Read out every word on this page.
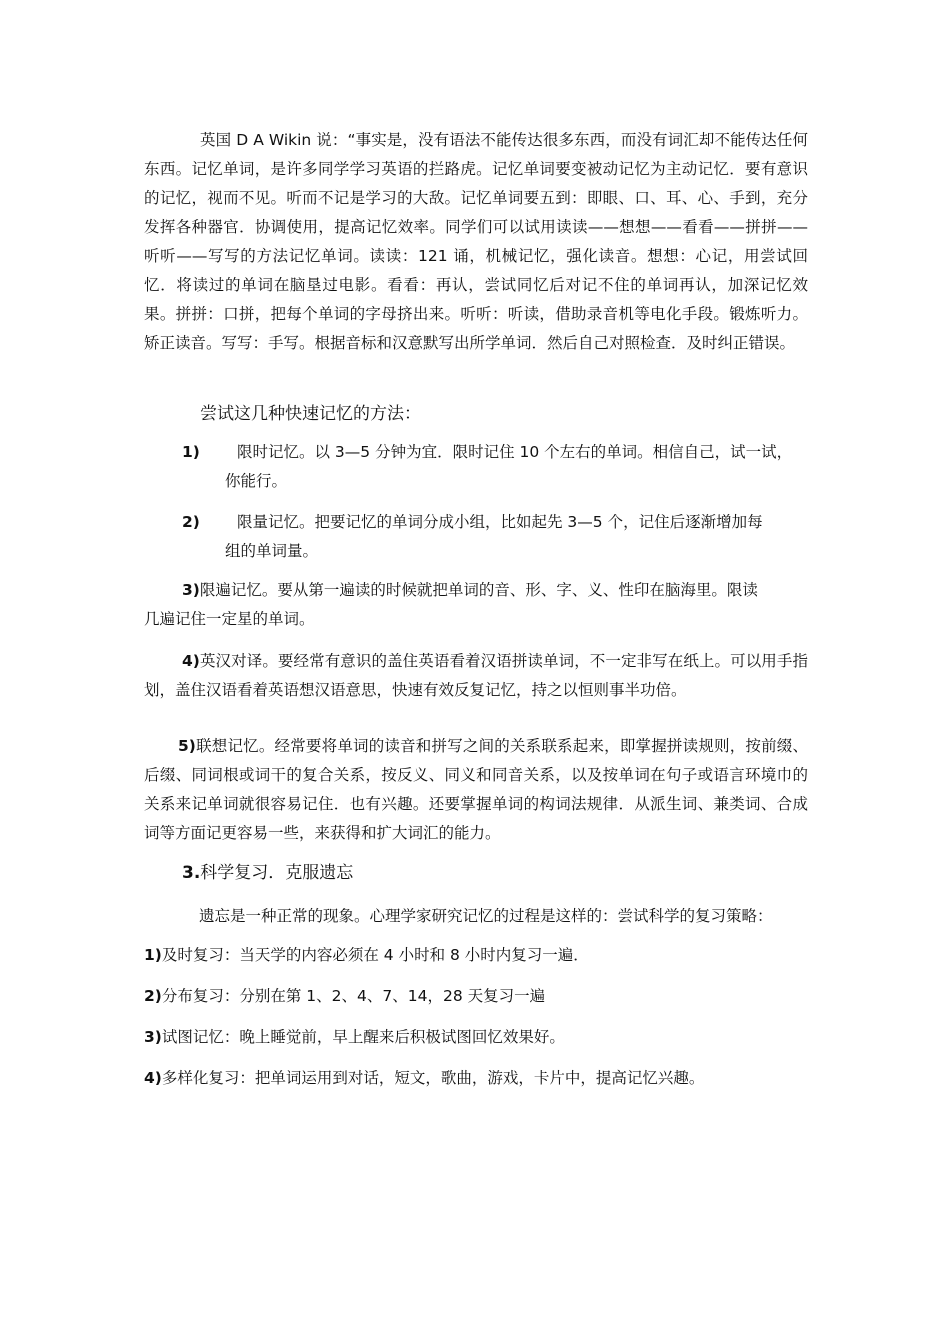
英国 D A Wikin 说：“事实是，没有语法不能传达很多东西，而没有词汇却不能传达任何东西。记忆单词，是许多同学学习英语的拦路虎。记忆单词要变被动记忆为主动记忆．要有意识的记忆，视而不见。听而不记是学习的大敌。记忆单词要五到：即眼、口、耳、心、手到，充分发挥各种器官．协调使用，提高记忆效率。同学们可以试用读读——想想——看看——拼拼——听听——写写的方法记忆单词。读读：121 诵，机械记忆，强化读音。想想：心记，用尝试回忆．将读过的单词在脑垦过电影。看看：再认，尝试同忆后对记不住的单词再认，加深记忆效果。拼拼：口拼，把每个单词的字母挤出来。听听：听读，借助录音机等电化手段。锻炼听力。矫正读音。写写：手写。根据音标和汉意默写出所学单词．然后自己对照检查．及时纠正错误。

尝试这几种快速记忆的方法：

1) 限时记忆。以 3—5 分钟为宜．限时记住 10 个左右的单词。相信自己，试一试，
你能行。
2) 限量记忆。把要记忆的单词分成小组，比如起先 3—5 个，记住后逐渐增加每
组的单词量。
3)限遍记忆。要从第一遍读的时候就把单词的音、形、字、义、性印在脑海里。限读
几遍记住一定星的单词。

4)英汉对译。要经常有意识的盖住英语看着汉语拼读单词，不一定非写在纸上。可以用手指划，盖住汉语看着英语想汉语意思，快速有效反复记忆，持之以恒则事半功倍。

5)联想记忆。经常要将单词的读音和拼写之间的关系联系起来，即掌握拼读规则，按前缀、后缀、同词根或词干的复合关系，按反义、同义和同音关系，以及按单词在句子或语言环境巾的关系来记单词就很容易记住．也有兴趣。还要掌握单词的构词法规律．从派生词、兼类词、合成词等方面记更容易一些，来获得和扩大词汇的能力。

3.科学复习．克服遗忘

遗忘是一种正常的现象。心理学家研究记忆的过程是这样的：尝试科学的复习策略：

1)及时复习：当天学的内容必须在 4 小时和 8 小时内复习一遍．
2)分布复习：分别在第 1、2、4、7、14，28 天复习一遍
3)试图记忆：晚上睡觉前，早上醒来后积极试图回忆效果好。
4)多样化复习：把单词运用到对话，短文，歌曲，游戏，卡片中，提高记忆兴趣。
